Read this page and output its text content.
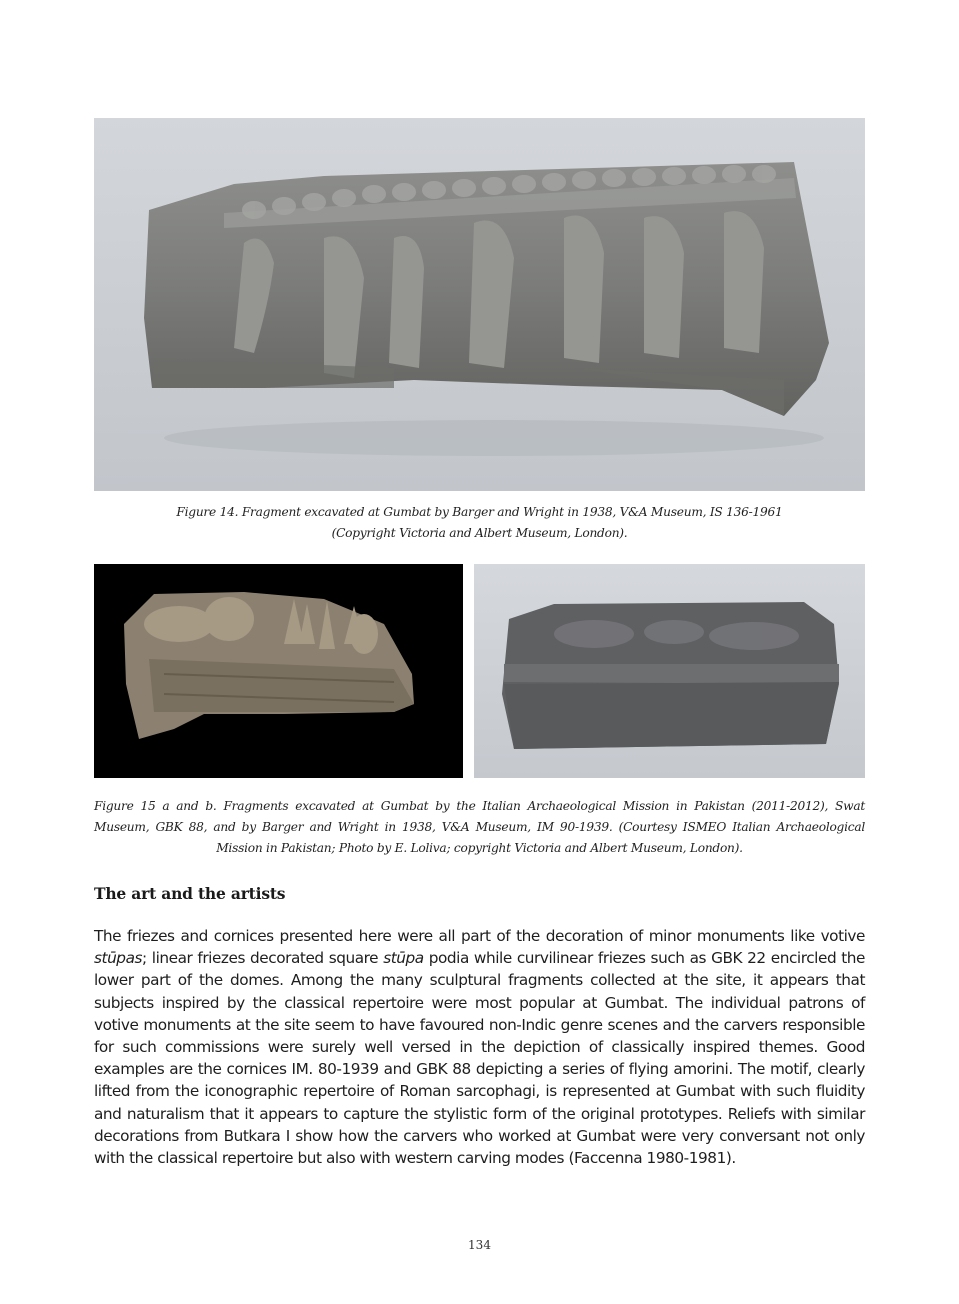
Figure 14. Fragment excavated at Gumbat by Barger and Wright in 1938, V&A Museum, IS 136-1961
(Copyright Victoria and Albert Museum, London).
Figure 15 a and b. Fragments excavated at Gumbat by the Italian Archaeological Mission in Pakistan (2011-2012), Swat Museum, GBK 88, and by Barger and Wright in 1938, V&A Museum, IM 90-1939. (Courtesy ISMEO Italian Archaeological Mission in Pakistan; Photo by E. Loliva; copyright Victoria and Albert Museum, London).
The art and the artists

The friezes and cornices presented here were all part of the decoration of minor monuments like votive stūpas; linear friezes decorated square stūpa podia while curvilinear friezes such as GBK 22 encircled the lower part of the domes. Among the many sculptural fragments collected at the site, it appears that subjects inspired by the classical repertoire were most popular at Gumbat. The individual patrons of votive monuments at the site seem to have favoured non-Indic genre scenes and the carvers responsible for such commissions were surely well versed in the depiction of classically inspired themes. Good examples are the cornices IM. 80-1939 and GBK 88 depicting a series of flying amorini. The motif, clearly lifted from the iconographic repertoire of Roman sarcophagi, is represented at Gumbat with such fluidity and naturalism that it appears to capture the stylistic form of the original prototypes. Reliefs with similar decorations from Butkara I show how the carvers who worked at Gumbat were very conversant not only with the classical repertoire but also with western carving modes (Faccenna 1980-1981).

134
